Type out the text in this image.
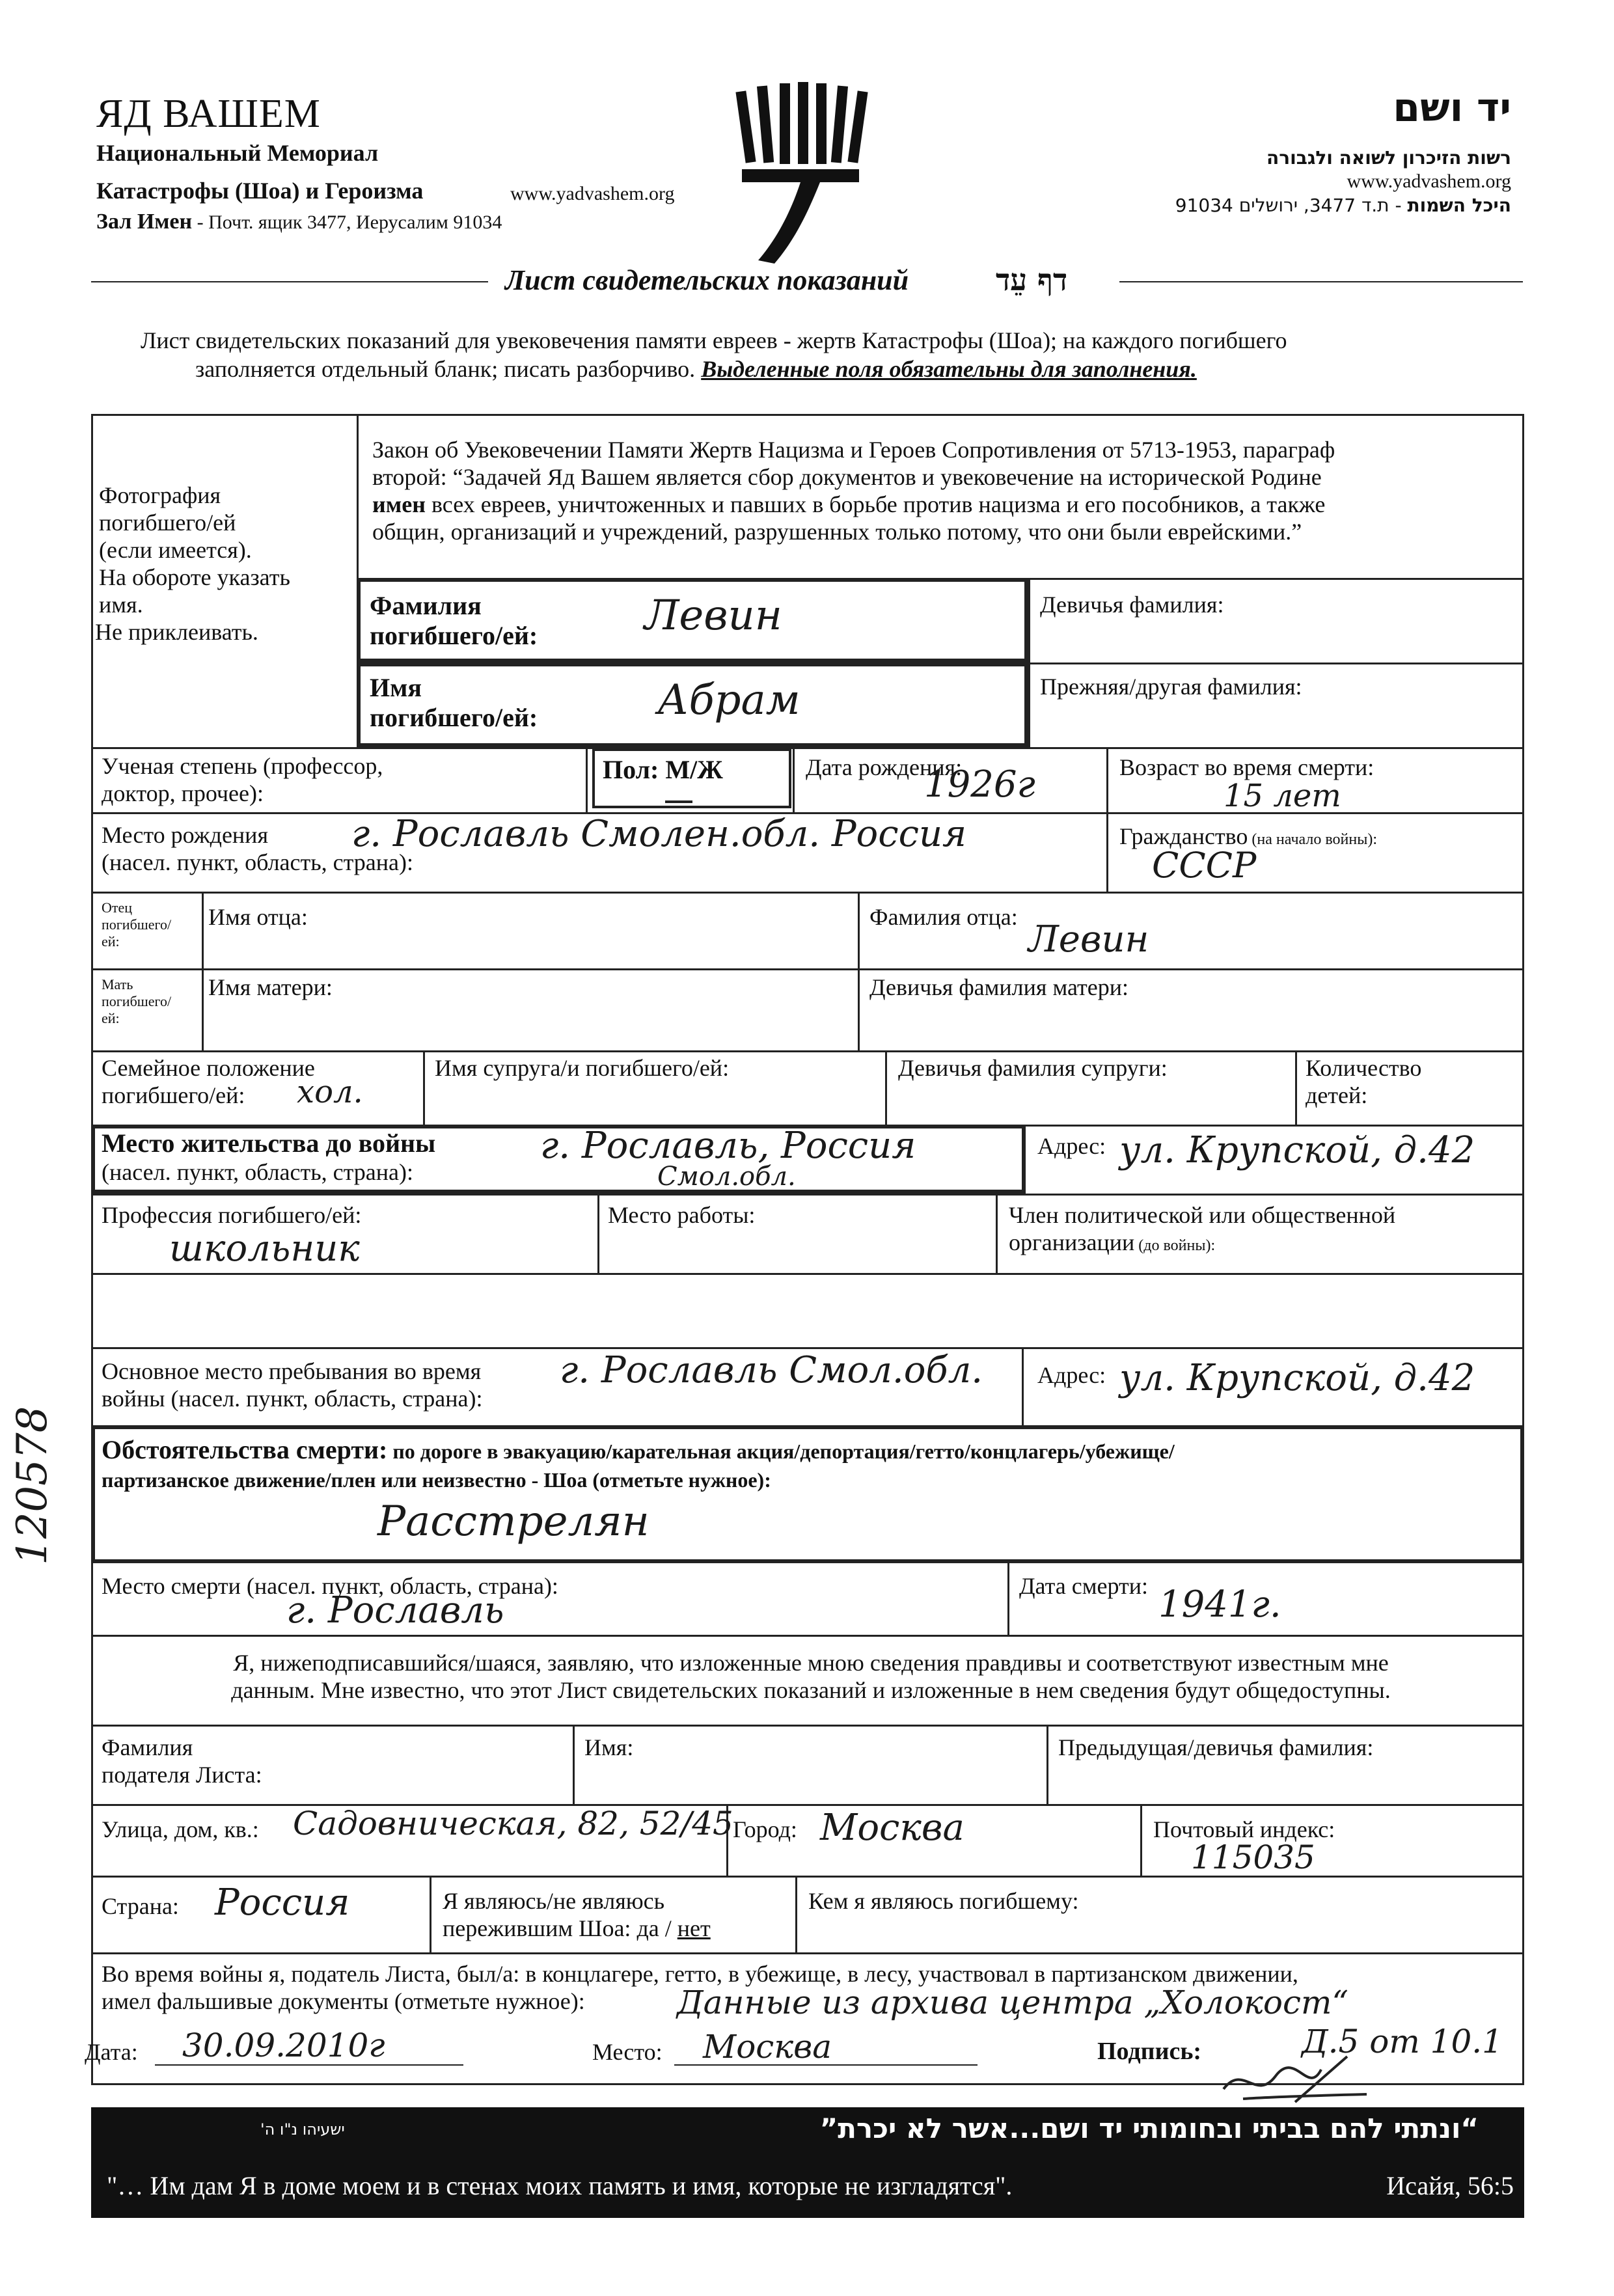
ЯД ВАШЕМ
Национальный Мемориал
Катастрофы (Шоа) и Героизма	www.yadvashem.org
Зал Имен - Почт. ящик 3477, Иерусалим 91034
יד ושם
רשות הזיכרון לשואה ולגבורה
www.yadvashem.org
היכל השמות - ת.ד 3477, ירושלים 91034
Лист свидетельских показаний	דף עֵד
Лист свидетельских показаний для увековечения памяти евреев - жертв Катастрофы (Шоа); на каждого погибшего
заполняется отдельный бланк; писать разборчиво. Выделенные поля обязательны для заполнения.
Фотография
погибшего/ей
(если имеется).
На обороте указать
имя.
Не приклеивать.
Закон об Увековечении Памяти Жертв Нацизма и Героев Сопротивления от 5713-1953, параграф
второй: “Задачей Яд Вашем является сбор документов и увековечение на исторической Родине
имен всех евреев, уничтоженных и павших в борьбе против нацизма и его пособников, а также
общин, организаций и учреждений, разрушенных только потому, что они были еврейскими.”
Фамилия
погибшего/ей:	Левин	Девичья фамилия:
Имя
погибшего/ей:	Абрам	Прежняя/другая фамилия:
Ученая степень (профессор,
доктор, прочее):
Пол: М/Ж	Дата рождения:
1926г	Возраст во время смерти:
15 лет
Место рождения
(насел. пункт, область, страна):
г. Рославль Смолен.обл. Россия	Гражданство (на начало войны):
СССР
Отец
погибшего/
ей:
Имя отца:	Фамилия отца:
Левин
Мать
погибшего/
ей:
Имя матери:	Девичья фамилия матери:
Семейное положение
погибшего/ей:	хол.
Имя супруга/и погибшего/ей:	Девичья фамилия супруги:	Количество
детей:
Место жительства до войны
(насел. пункт, область, страна):
г. Рославль, Россия
Смол.обл.
Адрес: ул. Крупской, д.42
Профессия погибшего/ей:
школьник
Место работы:	Член политической или общественной
организации (до войны):
Основное место пребывания во время
войны (насел. пункт, область, страна):
г. Рославль Смол.обл. Адрес: ул. Крупской, д.42
Обстоятельства смерти: по дороге в эвакуацию/карательная акция/депортация/гетто/концлагерь/убежище/
партизанское движение/плен или неизвестно - Шоа (отметьте нужное):
Расстрелян
Место смерти (насел. пункт, область, страна):
г. Рославль
Дата смерти: 1941г.
Я, нижеподписавшийся/шаяся, заявляю, что изложенные мною сведения правдивы и соответствуют известным мне
данным. Мне известно, что этот Лист свидетельских показаний и изложенные в нем сведения будут общедоступны.
Фамилия
подателя Листа:
Имя:	Предыдущая/девичья фамилия:
Улица, дом, кв.: Садовническая, 82, 52/45 Город: Москва	Почтовый индекс:
115035
Страна: Россия	Я являюсь/не являюсь
пережившим Шоа: да / нет
Кем я являюсь погибшему:
Во время войны я, податель Листа, был/а: в концлагере, гетто, в убежище, в лесу, участвовал в партизанском движении,
имел фальшивые документы (отметьте нужное):	Данные из архива центра „Холокост“
Дата: 30.09.2010г	Место: Москва	Подпись:	Д.5 от 10.1
120578
ישעיהו נ"ו ה'	“ונתתי להם בביתי ובחומותי יד ושם...אשר לא יכרת”
"… Им дам Я в доме моем и в стенах моих память и имя, которые не изгладятся".	Исайя, 56:5
